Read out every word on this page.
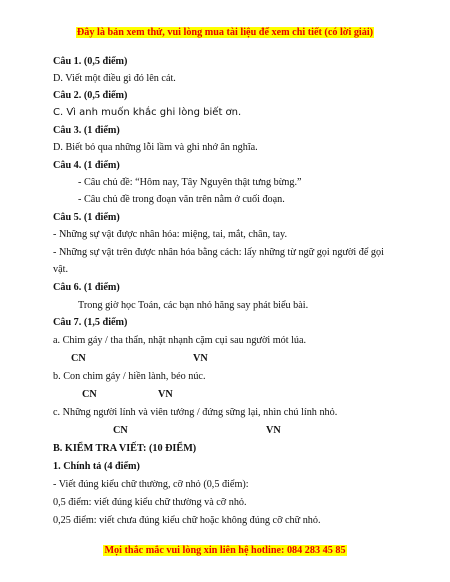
Đây là bản xem thử, vui lòng mua tài liệu để xem chi tiết (có lời giải)
Câu 1. (0,5 điểm)
D. Viết một điều gì đó lên cát.
Câu 2. (0,5 điểm)
C. Vì anh muốn khắc ghi lòng biết ơn.
Câu 3. (1 điểm)
D. Biết bỏ qua những lỗi lầm và ghi nhớ ân nghĩa.
Câu 4. (1 điểm)
- Câu chủ đề: “Hôm nay, Tây Nguyên thật tưng bừng.”
- Câu chủ đề trong đoạn văn trên nằm ở cuối đoạn.
Câu 5. (1 điểm)
- Những sự vật được nhân hóa: miệng, tai, mắt, chân, tay.
- Những sự vật trên được nhân hóa bằng cách: lấy những từ ngữ gọi người để gọi
vật.
Câu 6. (1 điểm)
Trong giờ học Toán, các bạn nhỏ hăng say phát biểu bài.
Câu 7. (1,5 điểm)
a. Chim gáy / tha thẩn, nhặt nhạnh cặm cụi sau người mót lúa.
CN	VN
b. Con chim gáy / hiền lành, béo núc.
CN	VN
c. Những người lính và viên tướng / đứng sững lại, nhìn chú lính nhỏ.
CN	VN
B. KIỂM TRA VIẾT: (10 ĐIỂM)
1. Chính tả (4 điểm)
- Viết đúng kiểu chữ thường, cỡ nhỏ (0,5 điểm):
0,5 điểm: viết đúng kiểu chữ thường và cỡ nhỏ.
0,25 điểm: viết chưa đúng kiểu chữ hoặc không đúng cỡ chữ nhỏ.
Mọi thắc mắc vui lòng xin liên hệ hotline: 084 283 45 85
